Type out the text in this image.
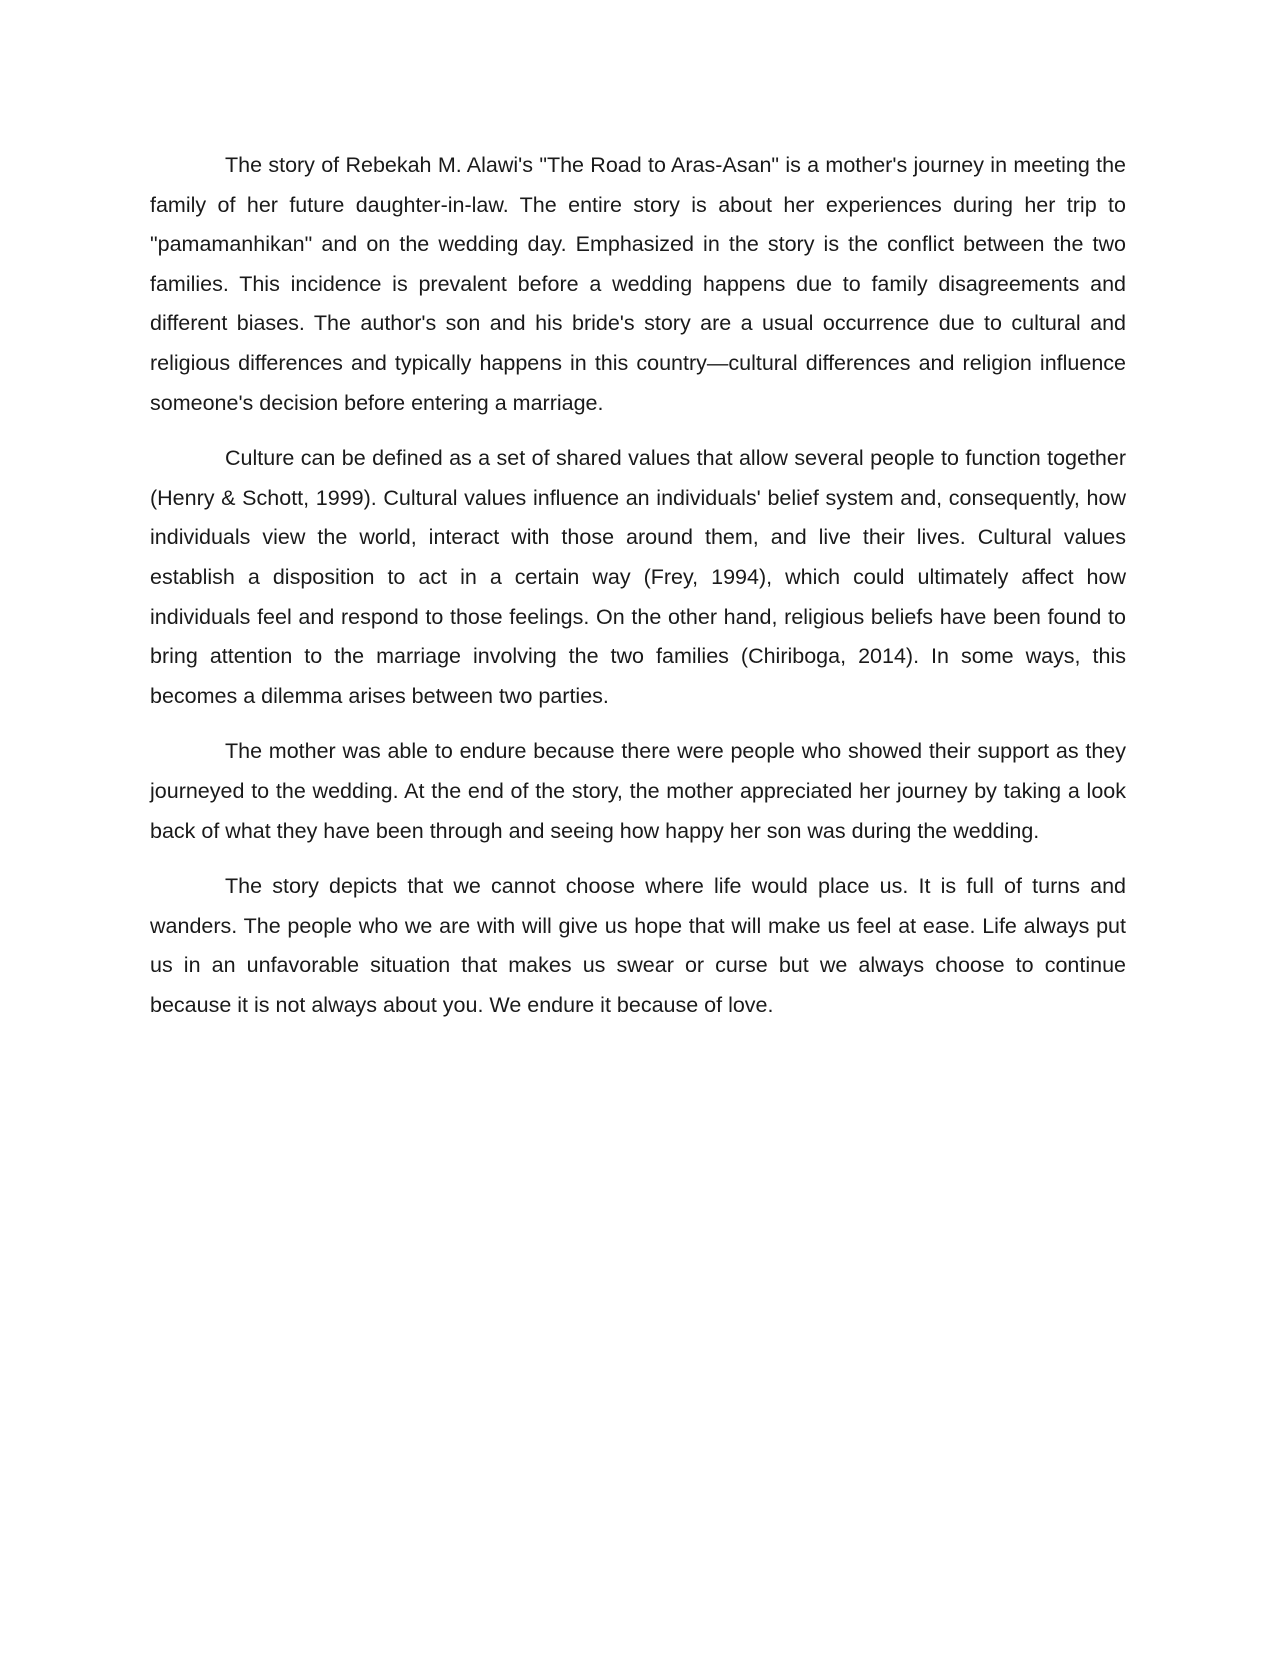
The story of Rebekah M. Alawi's "The Road to Aras-Asan" is a mother's journey in meeting the family of her future daughter-in-law. The entire story is about her experiences during her trip to "pamamanhikan" and on the wedding day. Emphasized in the story is the conflict between the two families. This incidence is prevalent before a wedding happens due to family disagreements and different biases. The author's son and his bride's story are a usual occurrence due to cultural and religious differences and typically happens in this country—cultural differences and religion influence someone's decision before entering a marriage.

Culture can be defined as a set of shared values that allow several people to function together (Henry & Schott, 1999). Cultural values influence an individuals' belief system and, consequently, how individuals view the world, interact with those around them, and live their lives. Cultural values establish a disposition to act in a certain way (Frey, 1994), which could ultimately affect how individuals feel and respond to those feelings. On the other hand, religious beliefs have been found to bring attention to the marriage involving the two families (Chiriboga, 2014). In some ways, this becomes a dilemma arises between two parties.

The mother was able to endure because there were people who showed their support as they journeyed to the wedding. At the end of the story, the mother appreciated her journey by taking a look back of what they have been through and seeing how happy her son was during the wedding.

The story depicts that we cannot choose where life would place us. It is full of turns and wanders. The people who we are with will give us hope that will make us feel at ease. Life always put us in an unfavorable situation that makes us swear or curse but we always choose to continue because it is not always about you. We endure it because of love.
